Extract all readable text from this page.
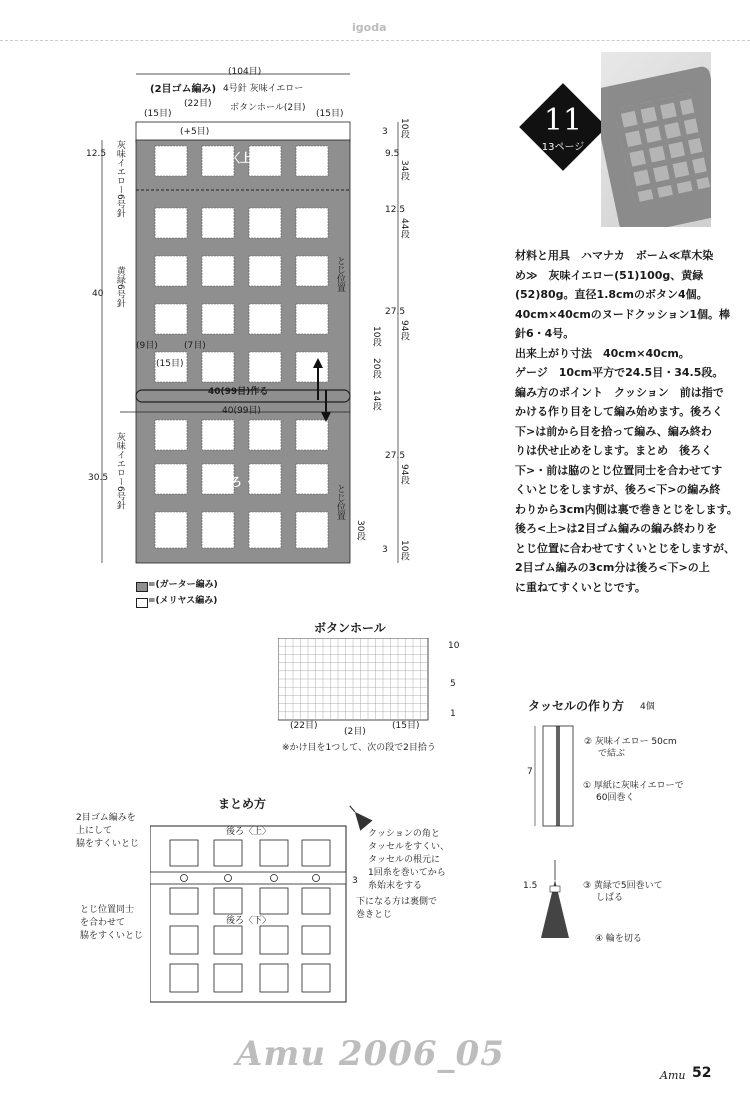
igoda
(104目)
(2目ゴム編み) 4号針 灰味イエロー
(22目) ボタンホール(2目)
(15目)	(15目)
(+5目)
後ろ〈上〉
前
後ろ〈下〉
12.5 灰味イエロー6号針
40 黄緑6号針
30.5 灰味イエロー6号針
3 10段
9.5
34段
12.5
44段
27.5
94段
10段
20段
14段
27.5
94段
30段
3 10段
とじ位置
とじ位置
(9目)	(7目)
(15目)
40(99目)作る
40(99目)
=(ガーター編み)
=(メリヤス編み)
11
13ページ

材料と用具　 ハマナカ　ボーム≪草木染

め≫　灰味イエロー(51)100g、黄緑

(52)80g。直径1.8cmのボタン4個。

40cm×40cmのヌードクッション1個。棒

針6・4号。

出来上がり寸法　 40cm×40cm。

ゲージ　 10cm平方で24.5目・34.5段。

編み方のポイント　クッション　 前は指で

かける作り目をして編み始めます。後ろく

下>は前から目を拾って編み、編み終わ

りは伏せ止めをします。まとめ　 後ろく

下>・前は脇のとじ位置同士を合わせてす

くいとじをしますが、後ろ<下>の編み終

わりから3cm内側は裏で巻きとじをします。

後ろ<上>は2目ゴム編みの編み終わりを

とじ位置に合わせてすくいとじをしますが、

2目ゴム編みの3cm分は後ろ<下>の上

に重ねてすくいとじです。

ボタンホール
10
5
1
(22目)
(2目)
(15目)
※かけ目を1つして、次の段で2目拾う
まとめ方
後ろ〈上〉
後ろ〈下〉
3
2目ゴム編みを
上にして
脇をすくいとじ
とじ位置同士
を合わせて
脇をすくいとじ
クッションの角と
タッセルをすくい、
タッセルの根元に
1回糸を巻いてから
糸始末をする
下になる方は裏側で
巻きとじ
タッセルの作り方 4個
② 灰味イエロー 50cm
で結ぶ
7
① 厚紙に灰味イエローで
60回巻く
1.5	③ 黄緑で5回巻いて
しばる
④ 輪を切る
Amu 2006_05
Amu 52
